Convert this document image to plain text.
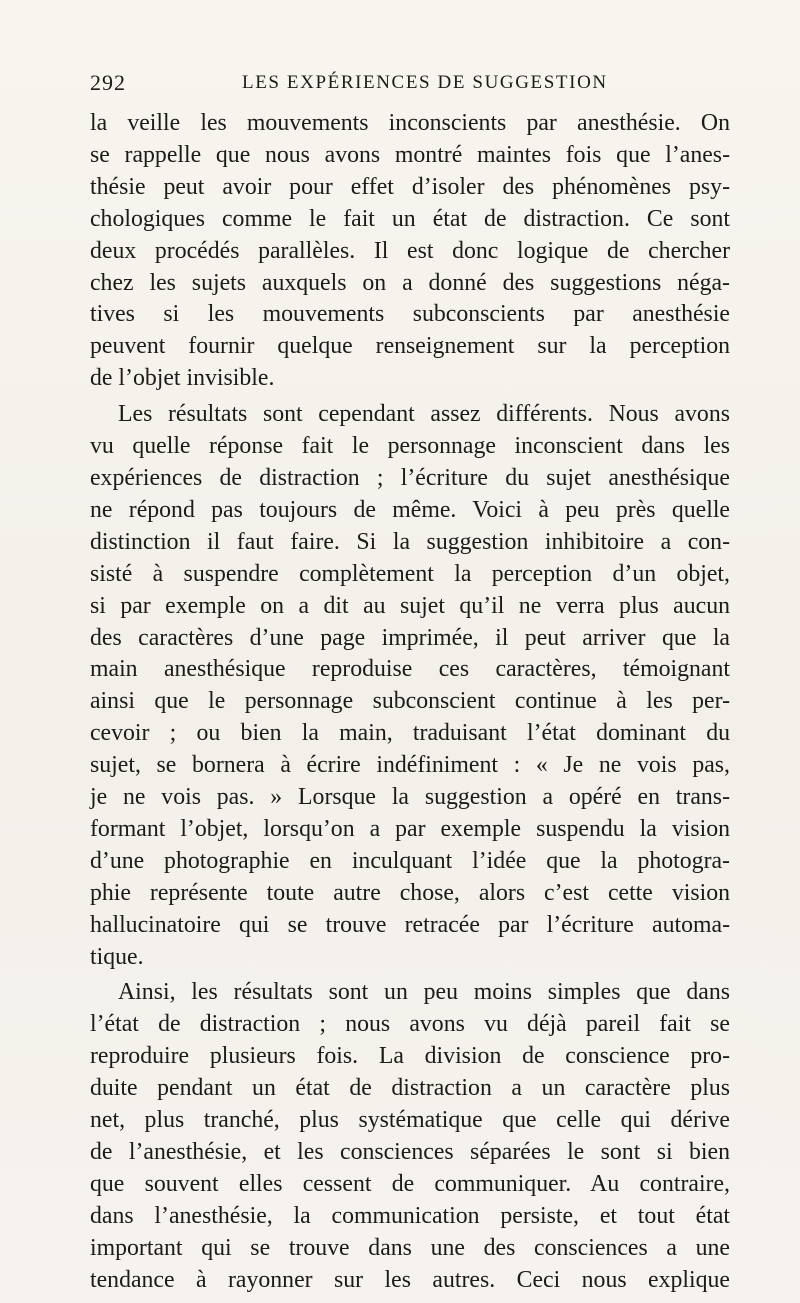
292	LES EXPÉRIENCES DE SUGGESTION
la veille les mouvements inconscients par anesthésie. On
se rappelle que nous avons montré maintes fois que l’anes-
thésie peut avoir pour effet d’isoler des phénomènes psy-
chologiques comme le fait un état de distraction. Ce sont
deux procédés parallèles. Il est donc logique de chercher
chez les sujets auxquels on a donné des suggestions néga-
tives si les mouvements subconscients par anesthésie
peuvent fournir quelque renseignement sur la perception
de l’objet invisible.
Les résultats sont cependant assez différents. Nous avons
vu quelle réponse fait le personnage inconscient dans les
expériences de distraction ; l’écriture du sujet anesthésique
ne répond pas toujours de même. Voici à peu près quelle
distinction il faut faire. Si la suggestion inhibitoire a con-
sisté à suspendre complètement la perception d’un objet,
si par exemple on a dit au sujet qu’il ne verra plus aucun
des caractères d’une page imprimée, il peut arriver que la
main anesthésique reproduise ces caractères, témoignant
ainsi que le personnage subconscient continue à les per-
cevoir ; ou bien la main, traduisant l’état dominant du
sujet, se bornera à écrire indéfiniment : « Je ne vois pas,
je ne vois pas. » Lorsque la suggestion a opéré en trans-
formant l’objet, lorsqu’on a par exemple suspendu la vision
d’une photographie en inculquant l’idée que la photogra-
phie représente toute autre chose, alors c’est cette vision
hallucinatoire qui se trouve retracée par l’écriture automa-
tique.
Ainsi, les résultats sont un peu moins simples que dans
l’état de distraction ; nous avons vu déjà pareil fait se
reproduire plusieurs fois. La division de conscience pro-
duite pendant un état de distraction a un caractère plus
net, plus tranché, plus systématique que celle qui dérive
de l’anesthésie, et les consciences séparées le sont si bien
que souvent elles cessent de communiquer. Au contraire,
dans l’anesthésie, la communication persiste, et tout état
important qui se trouve dans une des consciences a une
tendance à rayonner sur les autres. Ceci nous explique
